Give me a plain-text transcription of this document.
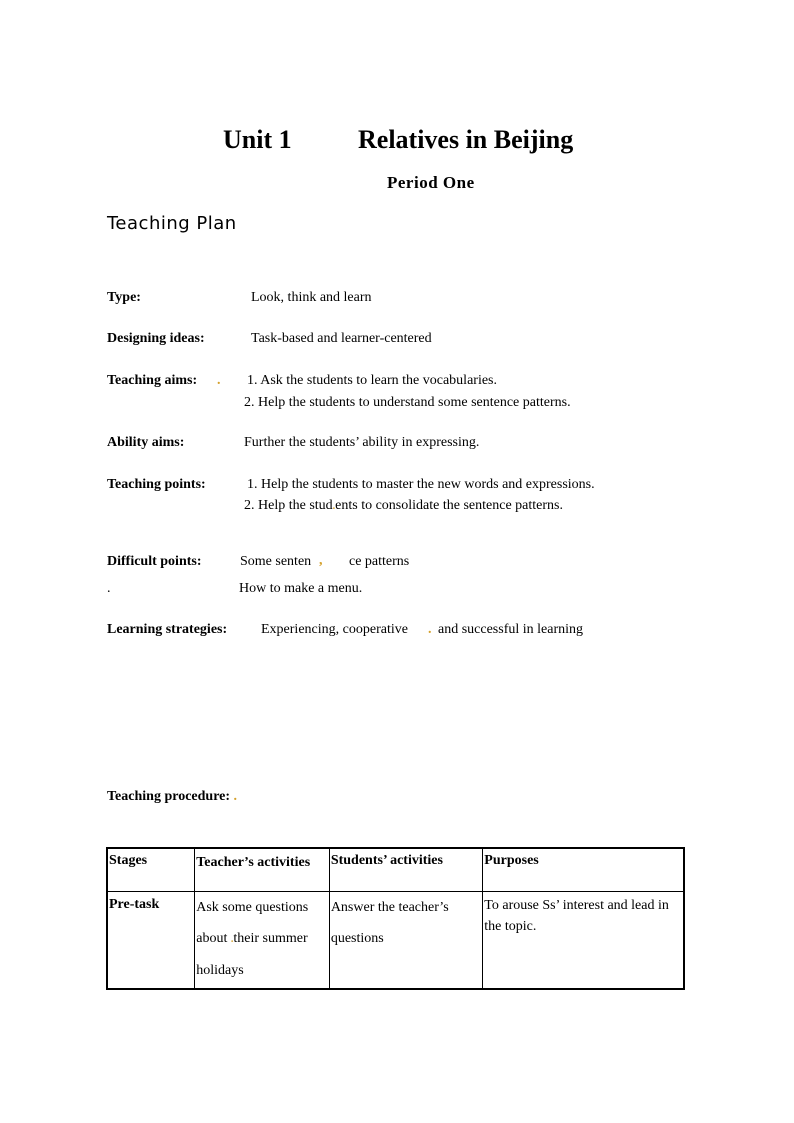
Unit 1	Relatives in Beijing
Period One
Teaching Plan
Type:	Look, think and learn
Designing ideas:	Task-based and learner-centered
Teaching aims: . 1. Ask the students to learn the vocabularies.
2. Help the students to understand some sentence patterns.
Ability aims:	Further the students’ ability in expressing.
Teaching points:	1. Help the students to master the new words and expressions.
2. Help the stud.ents to consolidate the sentence patterns.
Difficult points:	Some senten , ce patterns
.	How to make a menu.
Learning strategies: Experiencing, cooperative . and successful in learning
Teaching procedure: .
Stages	Teacher’s activities	Students’ activities	Purposes
Pre-task	Ask some questions about .their summer holidays	Answer the teacher’s questions	To arouse Ss’ interest and lead in the topic.
